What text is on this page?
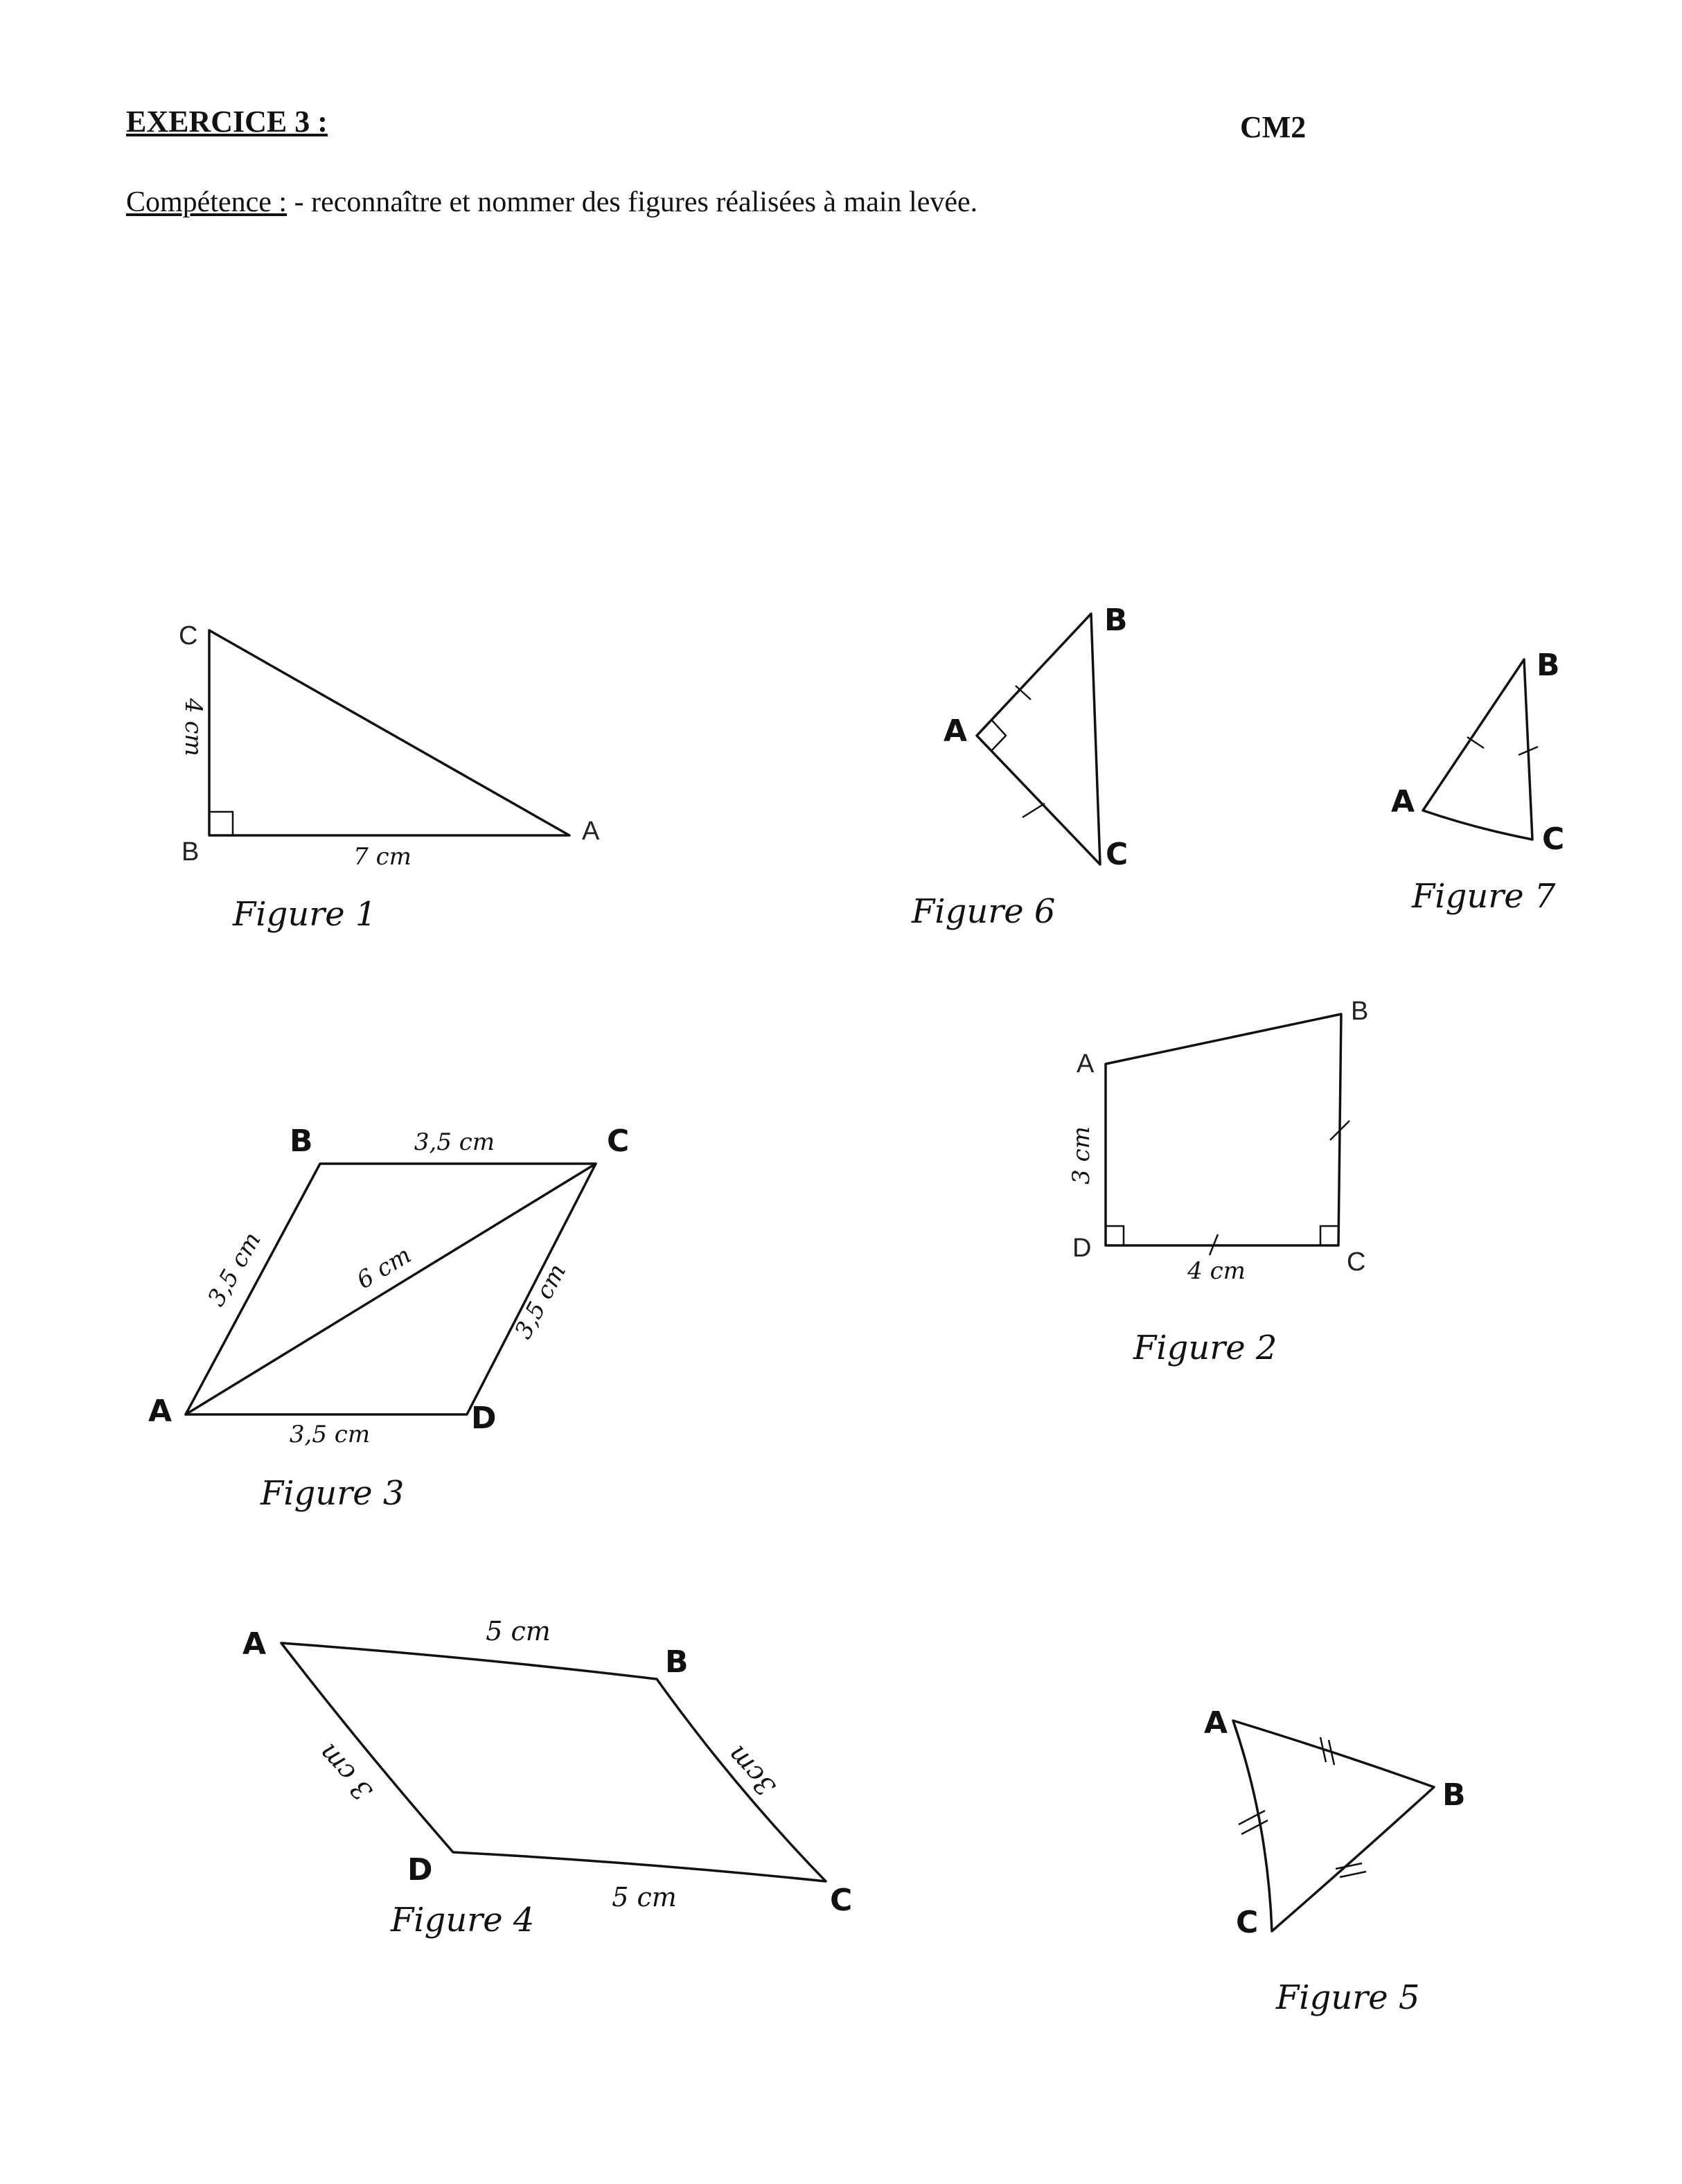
EXERCICE 3 :	CM2
Compétence : - reconnaître et nommer des figures réalisées à main levée.
C
B
A
4 cm
7 cm
Figure 1
A
B
C
Figure 6
A
B
C
Figure 7
A
B
C
D
3 cm
4 cm
Figure 2
B	C
A	D
3,5 cm
3,5 cm	6 cm	3,5 cm
3,5 cm
Figure 3
A
B
C
D
5 cm
3 cm	3cm
5 cm
Figure 4
A
B
C
Figure 5
